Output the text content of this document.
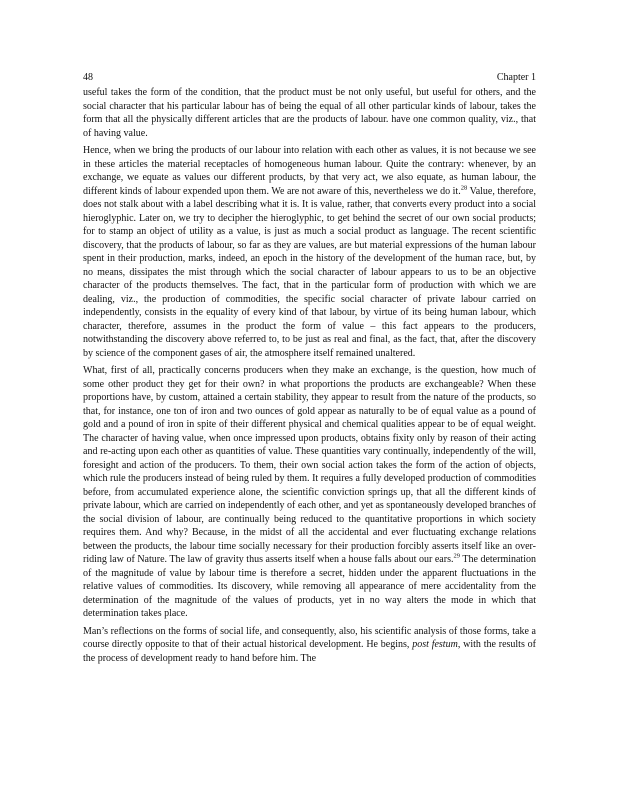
48	Chapter 1

useful takes the form of the condition, that the product must be not only useful, but useful for others, and the social character that his particular labour has of being the equal of all other particular kinds of labour, takes the form that all the physically different articles that are the products of labour. have one common quality, viz., that of having value.

Hence, when we bring the products of our labour into relation with each other as values, it is not because we see in these articles the material receptacles of homogeneous human labour. Quite the contrary: whenever, by an exchange, we equate as values our different products, by that very act, we also equate, as human labour, the different kinds of labour expended upon them. We are not aware of this, nevertheless we do it.$^{28}$ Value, therefore, does not stalk about with a label describing what it is. It is value, rather, that converts every product into a social hieroglyphic. Later on, we try to decipher the hieroglyphic, to get behind the secret of our own social products; for to stamp an object of utility as a value, is just as much a social product as language. The recent scientific discovery, that the products of labour, so far as they are values, are but material expressions of the human labour spent in their production, marks, indeed, an epoch in the history of the development of the human race, but, by no means, dissipates the mist through which the social character of labour appears to us to be an objective character of the products themselves. The fact, that in the particular form of production with which we are dealing, viz., the production of commodities, the specific social character of private labour carried on independently, consists in the equality of every kind of that labour, by virtue of its being human labour, which character, therefore, assumes in the product the form of value – this fact appears to the producers, notwithstanding the discovery above referred to, to be just as real and final, as the fact, that, after the discovery by science of the component gases of air, the atmosphere itself remained unaltered.

What, first of all, practically concerns producers when they make an exchange, is the question, how much of some other product they get for their own? in what proportions the products are exchangeable? When these proportions have, by custom, attained a certain stability, they appear to result from the nature of the products, so that, for instance, one ton of iron and two ounces of gold appear as naturally to be of equal value as a pound of gold and a pound of iron in spite of their different physical and chemical qualities appear to be of equal weight. The character of having value, when once impressed upon products, obtains fixity only by reason of their acting and re-acting upon each other as quantities of value. These quantities vary continually, independently of the will, foresight and action of the producers. To them, their own social action takes the form of the action of objects, which rule the producers instead of being ruled by them. It requires a fully developed production of commodities before, from accumulated experience alone, the scientific conviction springs up, that all the different kinds of private labour, which are carried on independently of each other, and yet as spontaneously developed branches of the social division of labour, are continually being reduced to the quantitative proportions in which society requires them. And why? Because, in the midst of all the accidental and ever fluctuating exchange relations between the products, the labour time socially necessary for their production forcibly asserts itself like an over-riding law of Nature. The law of gravity thus asserts itself when a house falls about our ears.$^{29}$ The determination of the magnitude of value by labour time is therefore a secret, hidden under the apparent fluctuations in the relative values of commodities. Its discovery, while removing all appearance of mere accidentality from the determination of the magnitude of the values of products, yet in no way alters the mode in which that determination takes place.

Man’s reflections on the forms of social life, and consequently, also, his scientific analysis of those forms, take a course directly opposite to that of their actual historical development. He begins, post festum, with the results of the process of development ready to hand before him. The
